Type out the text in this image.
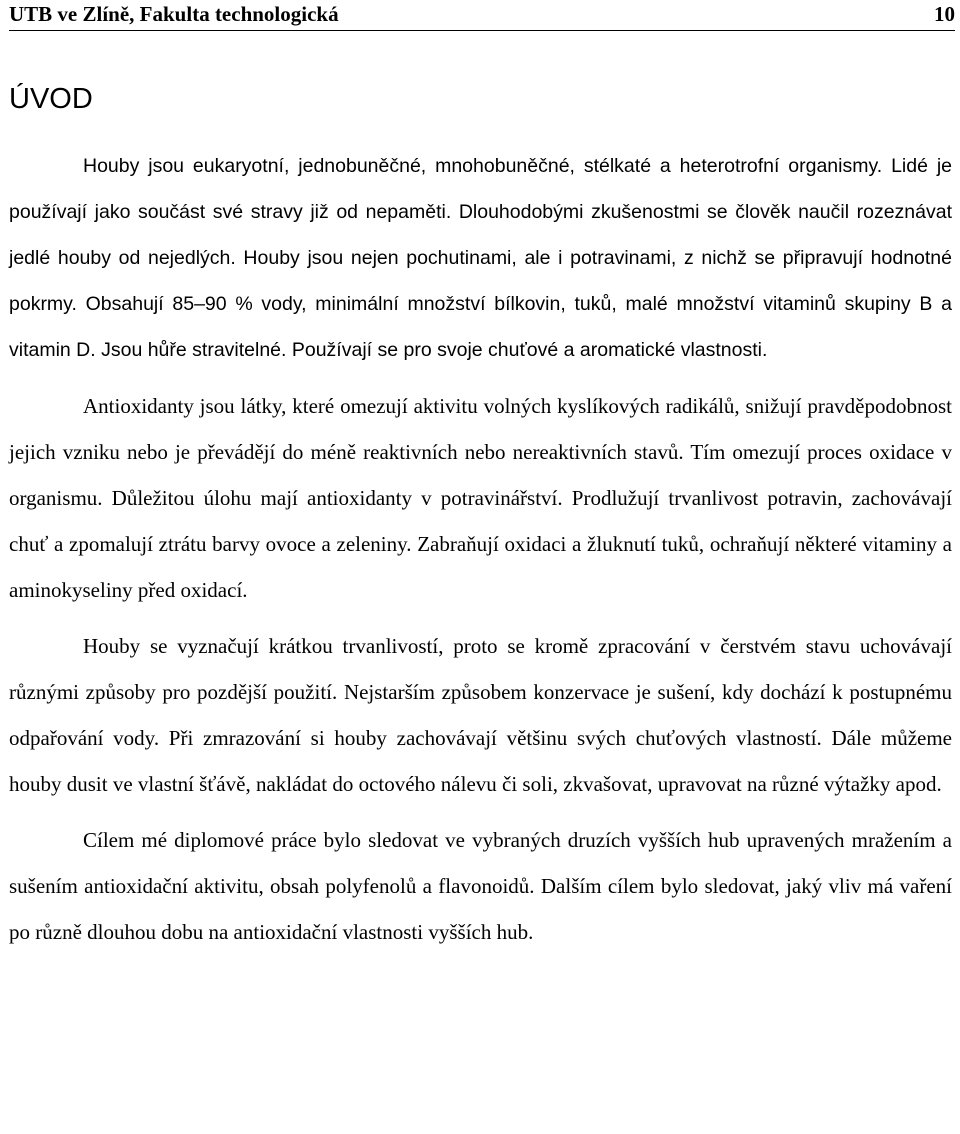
UTB ve Zlíně, Fakulta technologická	10
ÚVOD

Houby jsou eukaryotní, jednobuněčné, mnohobuněčné, stélkaté a heterotrofní organismy. Lidé je používají jako součást své stravy již od nepaměti. Dlouhodobými zkušenostmi se člověk naučil rozeznávat jedlé houby od nejedlých. Houby jsou nejen pochutinami, ale i potravinami, z nichž se připravují hodnotné pokrmy. Obsahují 85–90 % vody, minimální množství bílkovin, tuků, malé množství vitaminů skupiny B a vitamin D. Jsou hůře stravitelné. Používají se pro svoje chuťové a aromatické vlastnosti.

Antioxidanty jsou látky, které omezují aktivitu volných kyslíkových radikálů, snižují pravděpodobnost jejich vzniku nebo je převádějí do méně reaktivních nebo nereaktivních stavů. Tím omezují proces oxidace v organismu. Důležitou úlohu mají antioxidanty v potravinářství. Prodlužují trvanlivost potravin, zachovávají chuť a zpomalují ztrátu barvy ovoce a zeleniny. Zabraňují oxidaci a žluknutí tuků, ochraňují některé vitaminy a aminokyseliny před oxidací.

Houby se vyznačují krátkou trvanlivostí, proto se kromě zpracování v čerstvém stavu uchovávají různými způsoby pro pozdější použití. Nejstarším způsobem konzervace je sušení, kdy dochází k postupnému odpařování vody. Při zmrazování si houby zachovávají většinu svých chuťových vlastností. Dále můžeme houby dusit ve vlastní šťávě, nakládat do octového nálevu či soli, zkvašovat, upravovat na různé výtažky apod.

Cílem mé diplomové práce bylo sledovat ve vybraných druzích vyšších hub upravených mražením a sušením antioxidační aktivitu, obsah polyfenolů a flavonoidů. Dalším cílem bylo sledovat, jaký vliv má vaření po různě dlouhou dobu na antioxidační vlastnosti vyšších hub.
